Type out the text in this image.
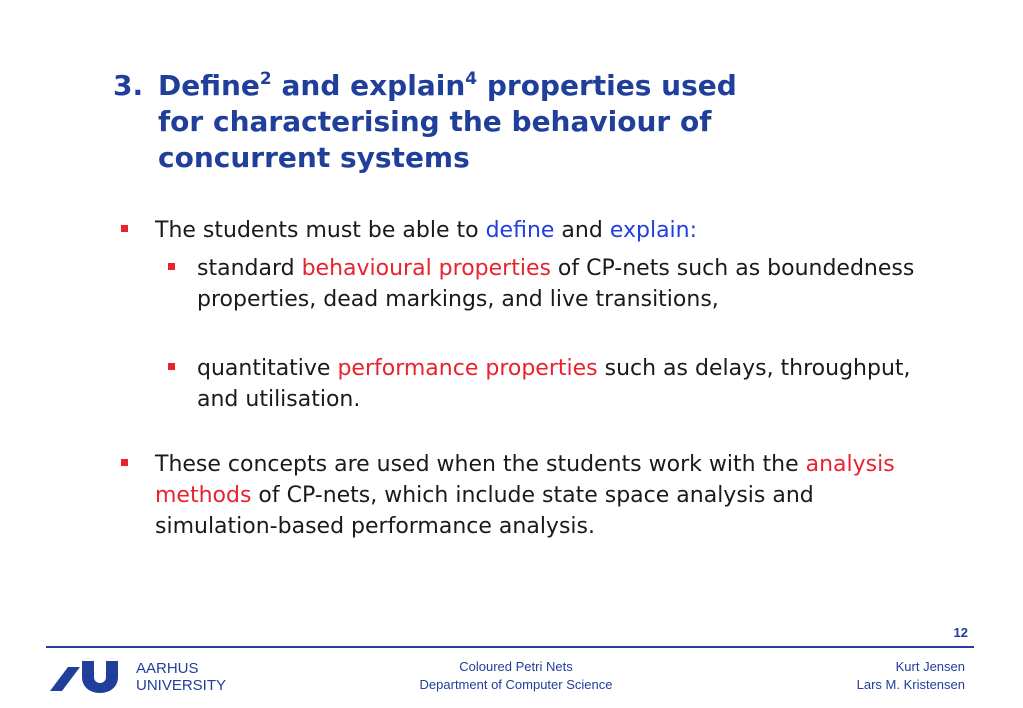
3. Define$^2$ and explain$^4$ properties used
for characterising the behaviour of
concurrent systems
The students must be able to define and explain:
standard behavioural properties of CP-nets such as boundedness properties, dead markings, and live transitions,
quantitative performance properties such as delays, throughput, and utilisation.
These concepts are used when the students work with the analysis methods of CP-nets, which include state space analysis and simulation-based performance analysis.
12
AARHUS
UNIVERSITY
Coloured Petri Nets
Department of Computer Science
Kurt Jensen
Lars M. Kristensen
